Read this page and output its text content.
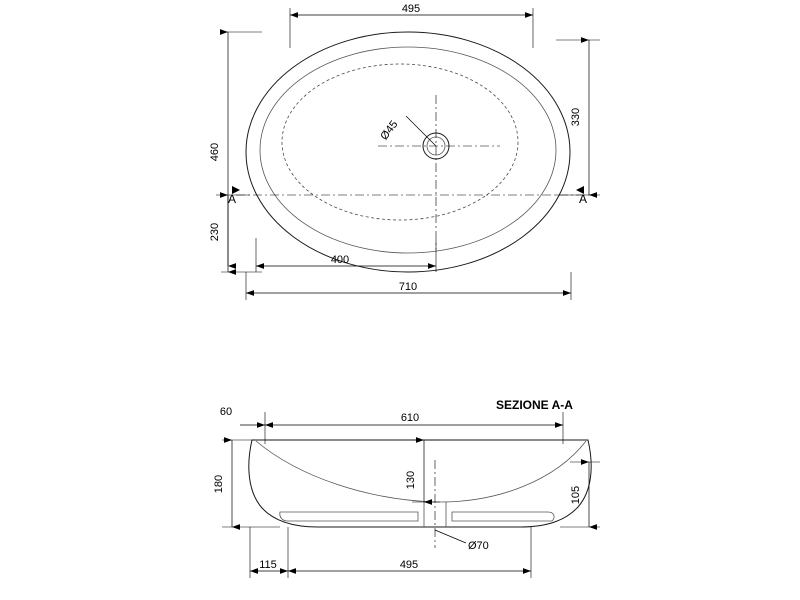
Ø45
495
710
400
460
230
330
A	A
SEZIONE A-A
Ø70
610
60
180	130
105
495
115
